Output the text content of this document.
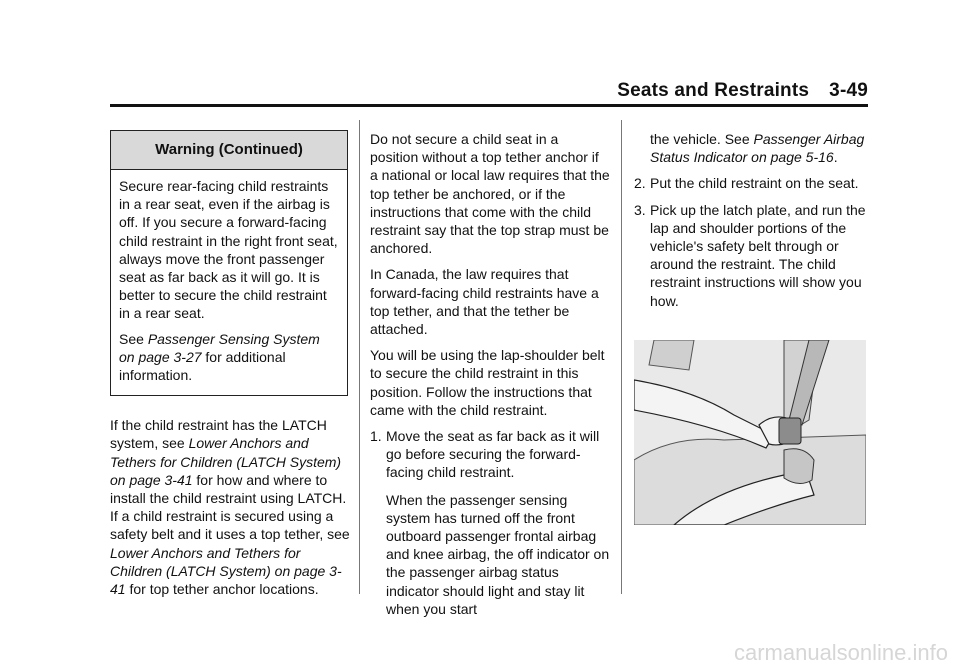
Seats and Restraints 3-49
Warning (Continued)

Secure rear-facing child restraints in a rear seat, even if the airbag is off. If you secure a forward-facing child restraint in the right front seat, always move the front passenger seat as far back as it will go. It is better to secure the child restraint in a rear seat.

See Passenger Sensing System on page 3-27 for additional information.

If the child restraint has the LATCH system, see Lower Anchors and Tethers for Children (LATCH System) on page 3-41 for how and where to install the child restraint using LATCH. If a child restraint is secured using a safety belt and it uses a top tether, see Lower Anchors and Tethers for Children (LATCH System) on page 3-41 for top tether anchor locations.

Do not secure a child seat in a position without a top tether anchor if a national or local law requires that the top tether be anchored, or if the instructions that come with the child restraint say that the top strap must be anchored.

In Canada, the law requires that forward-facing child restraints have a top tether, and that the tether be attached.

You will be using the lap-shoulder belt to secure the child restraint in this position. Follow the instructions that came with the child restraint.

1. Move the seat as far back as it will go before securing the forward-facing child restraint.
When the passenger sensing system has turned off the front outboard passenger frontal airbag and knee airbag, the off indicator on the passenger airbag status indicator should light and stay lit when you start
the vehicle. See Passenger Airbag Status Indicator on page 5-16.
2. Put the child restraint on the seat.
3. Pick up the latch plate, and run the lap and shoulder portions of the vehicle's safety belt through or around the restraint. The child restraint instructions will show you how.
carmanualsonline.info
